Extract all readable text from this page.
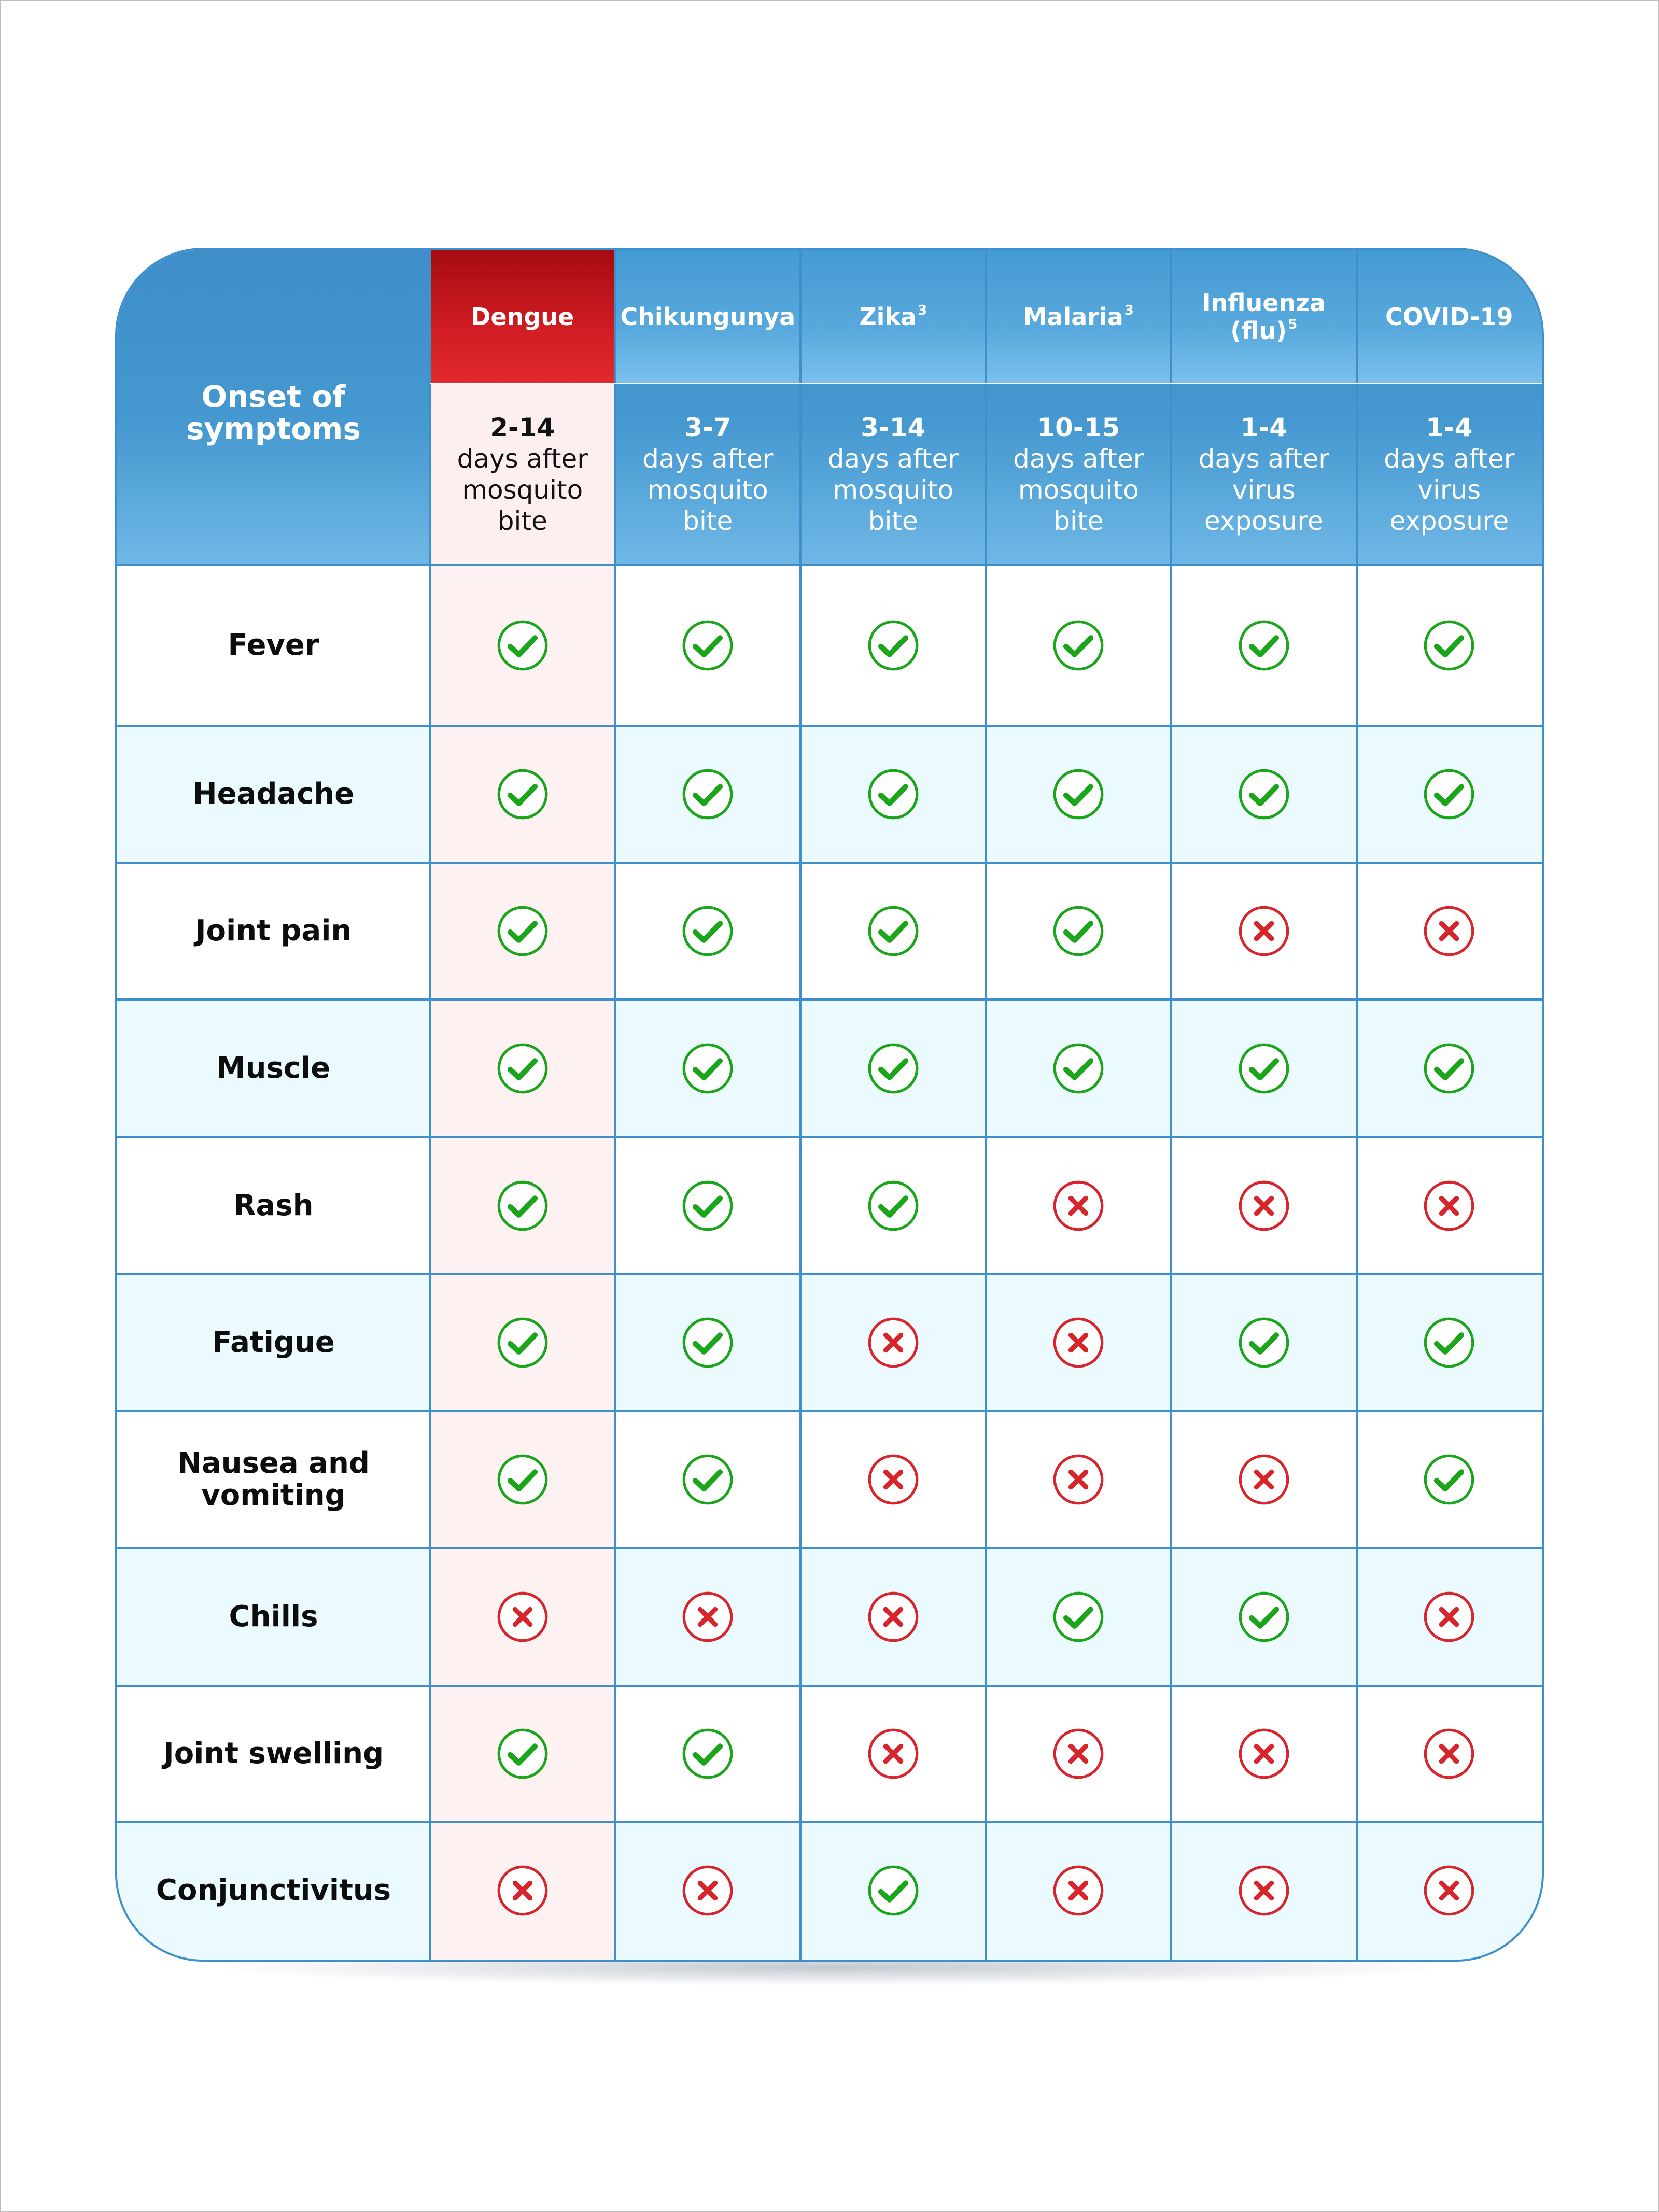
Onset of symptoms
Dengue
2-14
days after
mosquito
bite
Chikungunya
3-7
days after
mosquito
bite
Zika$^3$
3-14
days after
mosquito
bite
Malaria$^3$
10-15
days after
mosquito
bite
Influenza
(flu)$^5$
1-4
days after
virus
exposure
COVID-19
1-4
days after
virus
exposure
Fever
Headache
Joint pain
Muscle
Rash
Fatigue
Nausea and vomiting
Chills
Joint swelling
Conjunctivitus
